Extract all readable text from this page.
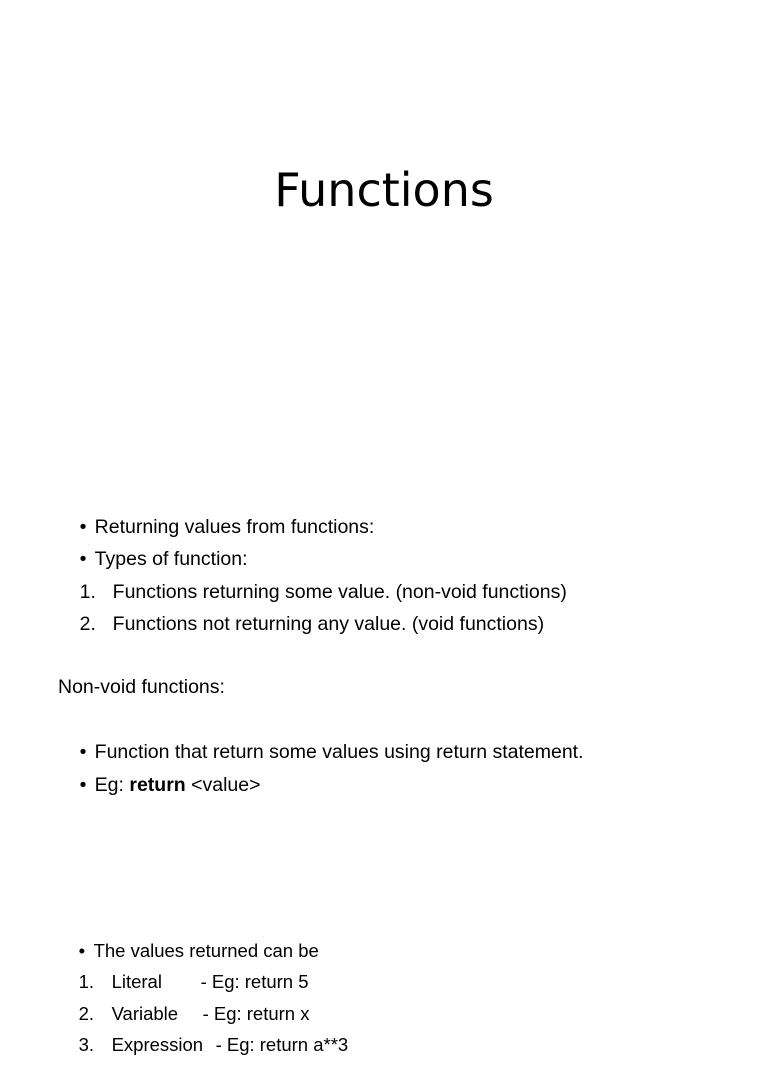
Functions

• Returning values from functions:

• Types of function:

1. Functions returning some value. (non-void functions)

2. Functions not returning any value. (void functions)

Non-void functions:

• Function that return some values using return statement.

• Eg: return <value>

• The values returned can be

1. Literal - Eg: return 5

2. Variable - Eg: return x

3. Expression - Eg: return a**3
